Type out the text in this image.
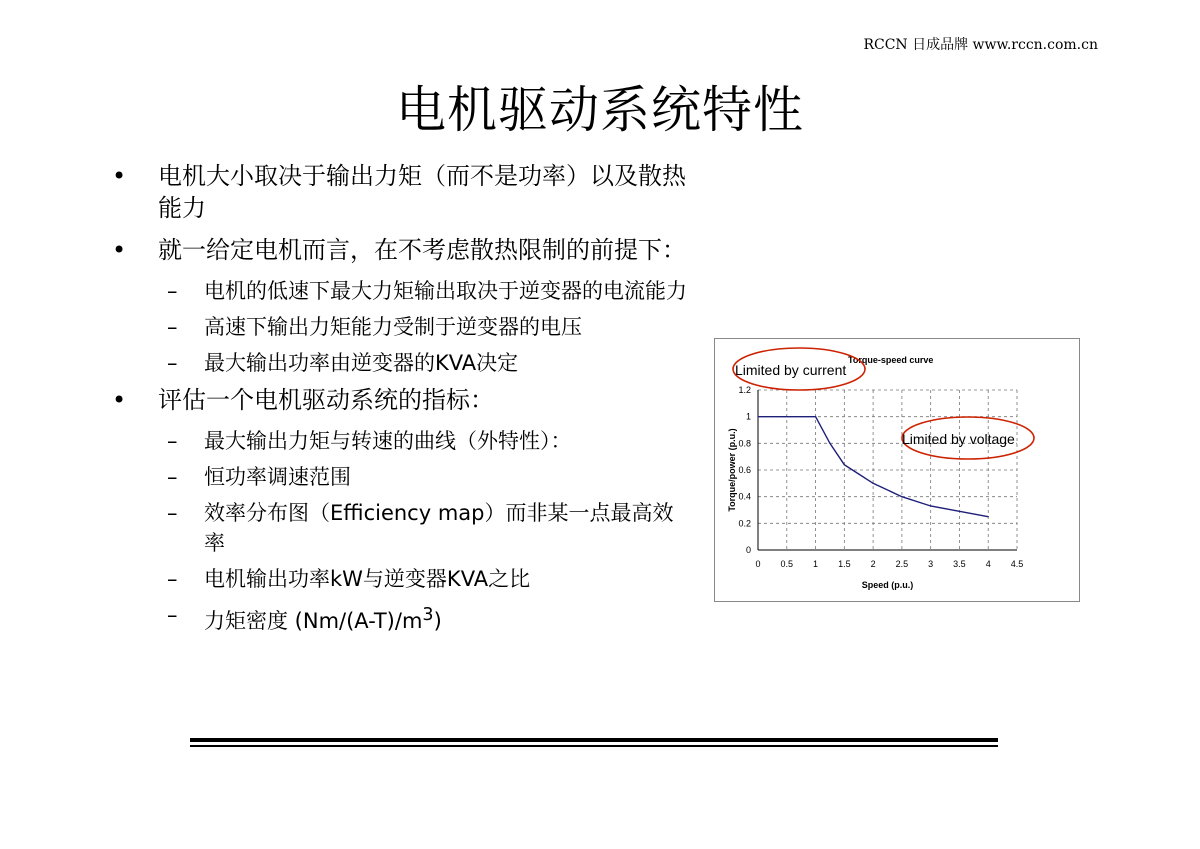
RCCN 日成品牌 www.rccn.com.cn
电机驱动系统特性
• 电机大小取决于输出力矩（而不是功率）以及散热能力
• 就一给定电机而言，在不考虑散热限制的前提下：
– 电机的低速下最大力矩输出取决于逆变器的电流能力
– 高速下输出力矩能力受制于逆变器的电压
– 最大输出功率由逆变器的KVA决定
• 评估一个电机驱动系统的指标：
– 最大输出力矩与转速的曲线（外特性）：
– 恒功率调速范围
– 效率分布图（Efficiency map）而非某一点最高效率
– 电机输出功率kW与逆变器KVA之比
– 力矩密度 $(Nm/(A-T)/m^3)$
0 0.5 1 1.5 2 2.5 3 3.5 4 4.5
0
0.2
0.4
0.6
0.8
1
1.2
Speed (p.u.)
Torque/power (p.u.)
Torque-speed curve
Limited by current
Limited by voltage
